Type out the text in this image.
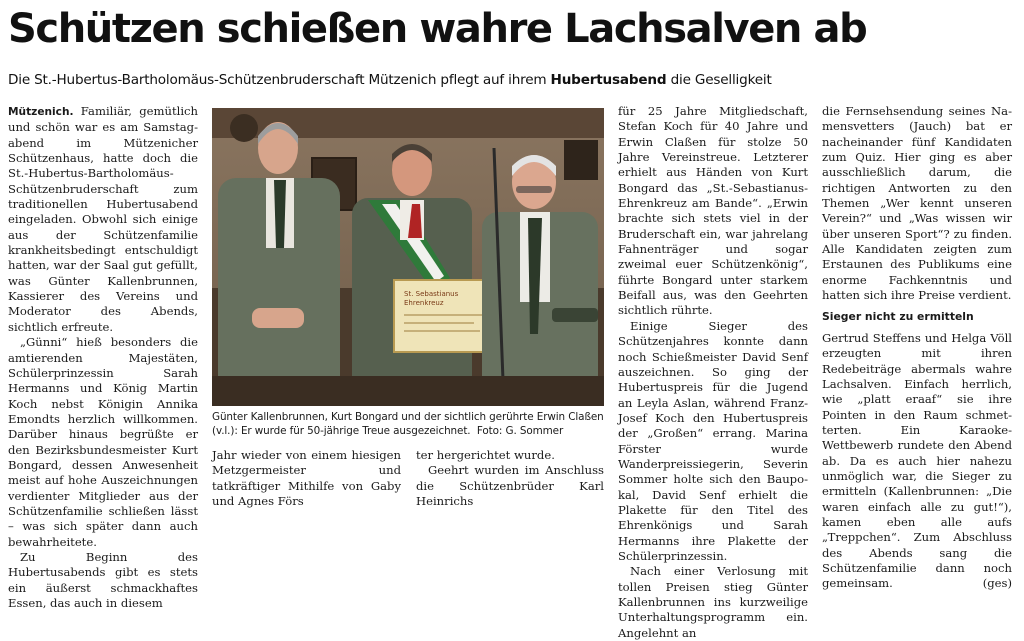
Schützen schießen wahre Lachsalven ab

Die St.-Hubertus-Bartholomäus-Schützenbruderschaft Mützenich pflegt auf ihrem Hubertusabend die Geselligkeit

Mützenich. Familiär, gemütlich und schön war es am Samstagabend im Mützenicher Schützenhaus, hatte doch die St.-Hubertus-Bartholomäus-Schützenbruderschaft zum traditionellen Hubertusabend eingeladen. Obwohl sich einige aus der Schützenfamilie krankheitsbedingt entschuldigt hatten, war der Saal gut gefüllt, was Günter Kallenbrunnen, Kassierer des Vereins und Moderator des Abends, sichtlich erfreute.

„Günni“ hieß besonders die amtierenden Majestäten, Schülerprinzessin Sarah Hermanns und König Martin Koch nebst Königin Annika Emondts herzlich willkommen. Darüber hinaus begrüßte er den Bezirksbundesmeister Kurt Bongard, dessen Anwesenheit meist auf hohe Auszeichnungen verdienter Mitglieder aus der Schützenfamilie schließen lässt – was sich später dann auch bewahrheitete.

Zu Beginn des Hubertusabends gibt es stets ein äußerst schmackhaftes Essen, das auch in diesem

St. Sebastianus
Ehrenkreuz

Günter Kallenbrunnen, Kurt Bongard und der sichtlich gerührte Erwin Claßen (v.l.): Er wurde für 50-jährige Treue ausgezeichnet. Foto: G. Sommer

Jahr wieder von einem hiesigen Metzgermeister und tatkräftiger Mithilfe von Gaby und Agnes Förs

ter hergerichtet wurde.

Geehrt wurden im Anschluss die Schützenbrüder Karl Heinrichs

für 25 Jahre Mitgliedschaft, Stefan Koch für 40 Jahre und Erwin Claßen für stolze 50 Jahre Vereinstreue. Letzterer erhielt aus Händen von Kurt Bongard das „St.-Sebastianus-Ehrenkreuz am Bande“. „Erwin brachte sich stets viel in der Bruderschaft ein, war jahrelang Fahnenträger und sogar zweimal euer Schützenkönig“, führte Bongard unter starkem Beifall aus, was den Geehrten sichtlich rührte.

Einige Sieger des Schützenjahres konnte dann noch Schießmeister David Senf auszeichnen. So ging der Hubertuspreis für die Jugend an Leyla Aslan, während Franz-Josef Koch den Hubertuspreis der „Großen“ errang. Marina Förster wurde Wanderpreissiegerin, Severin Sommer holte sich den Baupokal, David Senf erhielt die Plakette für den Titel des Ehrenkönigs und Sarah Hermanns ihre Plakette der Schülerprinzessin.

Nach einer Verlosung mit tollen Preisen stieg Günter Kallenbrunnen ins kurzweilige Unterhaltungsprogramm ein. Angelehnt an

die Fernsehsendung seines Namensvetters (Jauch) bat er nacheinander fünf Kandidaten zum Quiz. Hier ging es aber ausschließlich darum, die richtigen Antworten zu den Themen „Wer kennt unseren Verein?“ und „Was wissen wir über unseren Sport“? zu finden. Alle Kandidaten zeigten zum Erstaunen des Publikums eine enorme Fachkenntnis und hatten sich ihre Preise verdient.

Sieger nicht zu ermitteln

Gertrud Steffens und Helga Völl erzeugten mit ihren Redebeiträge abermals wahre Lachsalven. Einfach herrlich, wie „platt eraaf“ sie ihre Pointen in den Raum schmetterten. Ein Karaoke-Wettbewerb rundete den Abend ab. Da es auch hier nahezu unmöglich war, die Sieger zu ermitteln (Kallenbrunnen: „Die waren einfach alle zu gut!“), kamen eben alle aufs „Treppchen“. Zum Abschluss des Abends sang die Schützenfamilie dann noch gemeinsam.	(ges)
